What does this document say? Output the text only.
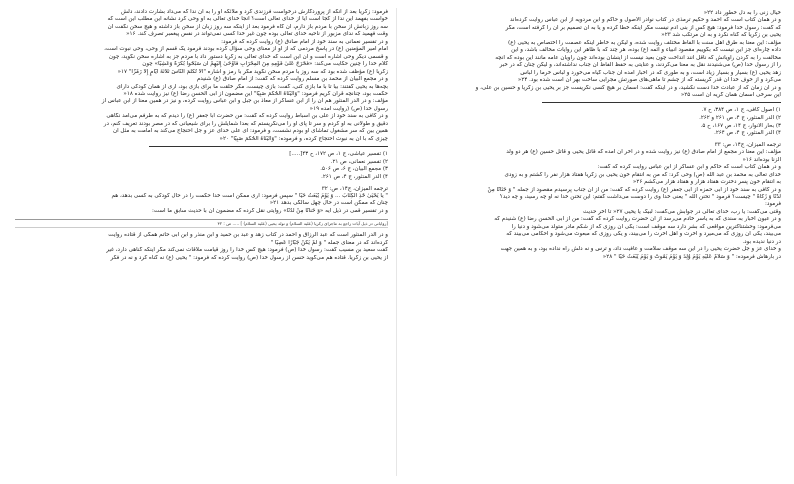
فرمود: زکریا بعد از آنکه از پروردگارش درخواست فرزندی کرد و ملائکه او را به آن ندا که می‌داد بشارت دادند، دلش
خواست بفهمد این ندا از کجا است آیا از خدای تعالی است؟ آنجا خدای تعالی به او وحی کرد نشانه این مطلب این است که
سه روز زبانش از سخن با مردم باز دارم، آن گاه فرمود بعد از اینکه سه روز زبان از سخن باز داشته و هیچ سخن نگفت آن
وقت فهمید که ندای مزبور از ناحیه خدای تعالی بوده چون غیر خدا کسی نمی‌تواند در نفس پیغمبر تصرف کند. ۱۶«
و در تفسیر نعمانی به سند خود از امام صادق (ع) روایت کرده که فرمود:
امام امیر المؤمنین (ع) در پاسخ مردمی که از او از معنای وحی سؤال کرده بودند فرمود یک قسم از وحی، وحی نبوت است،
و قسمی دیگر وحی اشاره است و آن این است که خدای تعالی به زکریا دستور داد با مردم جز به اشاره سخن نگوید، چون
کلام خدا را چنین حکایت می‌کند: «فَخَرَجَ عَلَىٰ قَوْمِهِ مِنَ الْمِحْرَابِ فَأَوْحَىٰ إِلَيْهِمْ أَن سَبِّحُوا بُكْرَةً وَعَشِيًّا» چون
زکریا (ع) مؤظف شده بود که سه روز با مردم سخن نگوید مگر با رمز و اشاره "أَلَّا تُكَلِّمَ النَّاسَ ثَلَاثَةَ أَيَّامٍ إِلَّا رَمْزًا" ۱۷«
و در مجمع البیان از محمد بن مسلم روایت کرده که گفت: از امام صادق (ع) شنیدم
بچه‌ها به یحیی گفتند: بیا تا با ما بازی کنی، گفت: بازی چیست، مگر خلقت ما برای بازی بود، آری از همان کودکی دارای
حکمت بود، چنانچه قرآن کریم فرمود: "وَآتَيْنَاهُ الْحُكْمَ صَبِيًّا" این مضمون از ابی الحسن رضا (ع) نیز روایت شده ۱۸«
مؤلف: و در الدر المنثور هم آن را از ابن عساکر از معاذ بن جبل و ابن عباس روایت کرده، و نیز در همین معنا از ابن عباس از
رسول خدا (ص) (روایت آمده ۱۹«
و در کافی به سند خود از علی بن اسباط روایت کرده که گفت: من حضرت ابا جعفر (ع) را دیدم که به طرفم می‌آمد نگاهی
دقیق و طولانی به او کردم و سر تا پای او را می‌نگریستم که بعدا شمایلش را برای شیعیانی که در مصر بودند تعریف کنم، در
همین بین که سر مشغول تماشای او بودم نشست، و فرمود: ای علی خدای عز و جل احتجاج می‌کند به امامت به مثل آن
چیزی که با آن به نبوت احتجاج کرده، و فرموده: "وَآتَيْنَاهُ الْحُكْمَ صَبِيًّا" ۲۰«
۱) تفسیر عیاشی، ج ۱، ص ۱۷۲، ح ۴۳[.....]
۲) تفسیر نعمانی، ص ۲۱.
۳) مجمع البیان، ج ۶، ص ۵۰۶.
۴) الدر المنثور، ج ۴، ص ۲۶۱.
ترجمه المیزان، ج‌۱۴، ص: ۳۲
" یا یَحْیَیٰ خُذِ الْکِتَابَ ... وَ یَوْمَ یُبْعَثُ حَیًّا " سپس فرمود: آری ممکن است خدا حکمت را در حال کودکی به کسی بدهد، هم
چنان که ممکن است در حال چهل سالگی بدهد ۲۱«
و در تفسیر قمی در ذیل آیه «وَ حَنانًا مِنْ لَدُنَّا» روایتی نقل کرده که مضمون آن با حدیث سابق ما است:
[روایاتی در ذیل آیات راجع به ماجرای زکریا (علیه السلام) و تولد یحیی (علیه السلام) ] ..... ص : ۳۲
و در الدر المنثور است که عبد الرزاق و احمد در کتاب زهد و عبد بن حمید و ابن منذر و ابن ابی حاتم همگی از قتاده روایت
کرده‌اند که در معنای جمله " وَ لَمْ یَکُنْ جَبَّارًا عَصِیًّا "
گفت سعید بن مسیب گفت: رسول خدا (ص) فرمود: هیچ کس خدا را روز قیامت ملاقات نمی‌کند مگر اینکه گناهی دارد، غیر
از یحیی بن زکریا. قتاده هم می‌گوید حسن از رسول خدا (ص) روایت کرده که فرمود: " یحیی (ع) نه گناه کرد و نه در فکر
خیال زنی را به دل خطور داد ۲۲«
و در همان کتاب است که احمد و حکیم ترمذی در کتاب نوادر الاصول و حاکم و ابن مردویه از ابن عباس روایت کرده‌اند
که گفت: رسول خدا فرمود: هیچ کس از بنی آدم نیست مگر اینکه خطا کرده و یا به آن تصمیم بر آن را گرفته است، مگر
یحیی بن زکریا که گناه نکرد و به آن مرتکب شد ۲۳«
مؤلف: این معنا به طرق اهل سنت با الفاظ مختلف روایت شده، و لیکن به خاطر اینکه عصمت را اختصاص به یحیی (ع)
داده چاره‌ای جز این نیست که بگوییم مقصود انبیاء و ائمه (ع) بوده، هر چند که با ظاهر این روایات مخالف باشد، و این
مخالفت را به گردن راویانش که ناقل آنند انداخت چون بعید نیست از اینشان بوده‌اند چون راویان عامه مانند این بوده که آنچه
را از رسول خدا (ص) می‌شنیدند نقل به معنا می‌کردند، و عنایتی به حفظ الفاظ آن جناب نداشته‌اند، و لیکن چنان که در خبر
زهد یحیی (ع) بسیار و بسیار زیاد است، و به طوری که در اخبار آمده آن جناب گیاه می‌خورد و لباس خرما را لباس
می‌کرد و از خوف خدا آن قدر گریسته که از چشم تا ماهی‌های صورتش مجرایی ساخت بهر آن است شده بود. ۲۴«
و در آن زمان که از عبادت خدا دست نکشید، و در اینکه گفت: آسمان بر هیچ کسی نگریست جز بر یحیی بن زکریا و حسین بن علی، و
این سرخی آسمان همان گریه آن است ۲۵«
۱) اصول کافی، ج ۱، ص ۳۸۴، ح ۷.
۲) الدر المنثور، ج ۴، ص ۲۶۱ و ۲۶۲.
۳) بحار الانوار، ج ۱۴، ص ۱۶۷، ح ۵.
۴) الدر المنثور، ج ۴، ص ۲۶۴.
ترجمه المیزان، ج‌۱۴، ص: ۳۳
مؤلف: این معنا در مجمع از امام صادق (ع) نیز روایت شده و در آخر آن آمده که قاتل یحیی و قاتل حسین (ع) هر دو ولد
الزنا بوده‌اند ۱۶«
و در همان کتاب است که حاکم و ابن عساکر از ابن عباس روایت کرده که گفت:
خدای تعالی به محمد بن عبد الله (ص) وحی کرد: که من به انتقام خون یحیی بن زکریا هفتاد هزار نفر را کشتم و به زودی
به انتقام خون پسر دخترت هفتاد هزار و هفتاد هزار می‌کشم ۲۶«
و در کافی به سند خود از ابی حمزه از ابی جعفر (ع) روایت کرده که گفت: من از آن جناب پرسیدم مقصود از جمله " وَ حَنَانًا مِنْ
لَدُنَّا وَ زَكَاةً " چیست؟ فرمود " تحنن الله " یعنی خدا وی را دوست می‌داشت گفتم: این تحنن خدا نه او چه رسید، و چه دید؟
فرمود:
وقتی می‌گفت: یا رب، خدای تعالی در جوابش می‌گفت: لبیک یا یحیی ۲۷« تا آخر حدیث
و در عیون اخبار به سندی که به یاسر خادم می‌رسد از آن حضرت روایت کرده که گفت: من از ابی الحسن رضا (ع) شنیدم که
می‌فرمود: وحشتناکترین مواقعی که بشر دارد سه موقف است: یکی آن روزی که از شکم مادر متولد می‌شود و دنیا را
می‌بیند، یکی آن روزی که می‌میرد و آخرت و اهل آخرت را می‌بیند، و یکی روزی که مبعوث می‌شود و احکامی می‌بیند که
در دنیا ندیده بود.
و خدای عز و جل حضرت یحیی را در این سه موقف سلامت و عافیت داد، و ترس و نه دلش راه نداده بود، و به همین جهت
در بارهاش فرموده: " وَ سَلَامٌ عَلَيْهِ يَوْمَ وُلِدَ وَ يَوْمَ يَمُوتُ وَ يَوْمَ يُبْعَثُ حَيًّا " ۲۸«
